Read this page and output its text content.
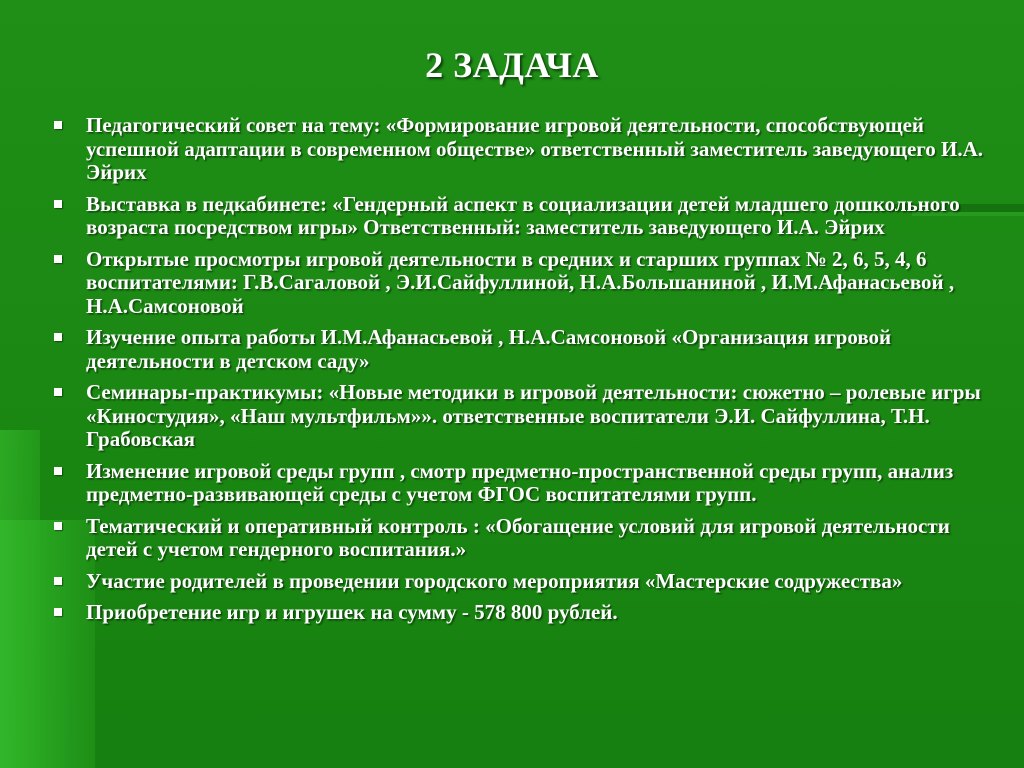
2 ЗАДАЧА
Педагогический совет на тему: «Формирование игровой деятельности, способствующей успешной адаптации в современном обществе» ответственный заместитель заведующего И.А. Эйрих
Выставка в педкабинете: «Гендерный аспект в социализации детей младшего дошкольного возраста посредством игры» Ответственный: заместитель заведующего И.А. Эйрих
Открытые просмотры игровой деятельности в средних и старших группах № 2, 6, 5, 4, 6 воспитателями: Г.В.Сагаловой , Э.И.Сайфуллиной, Н.А.Большаниной , И.М.Афанасьевой , Н.А.Самсоновой
Изучение опыта работы И.М.Афанасьевой , Н.А.Самсоновой «Организация игровой деятельности в детском саду»
Семинары-практикумы: «Новые методики в игровой деятельности: сюжетно – ролевые игры «Киностудия», «Наш мультфильм»». ответственные воспитатели Э.И. Сайфуллина, Т.Н. Грабовская
Изменение игровой среды групп , смотр предметно-пространственной среды групп, анализ предметно-развивающей среды с учетом ФГОС воспитателями групп.
Тематический и оперативный контроль : «Обогащение условий для игровой деятельности детей с учетом гендерного воспитания.»
Участие родителей в проведении городского мероприятия «Мастерские содружества»
Приобретение игр и игрушек на сумму - 578 800 рублей.
